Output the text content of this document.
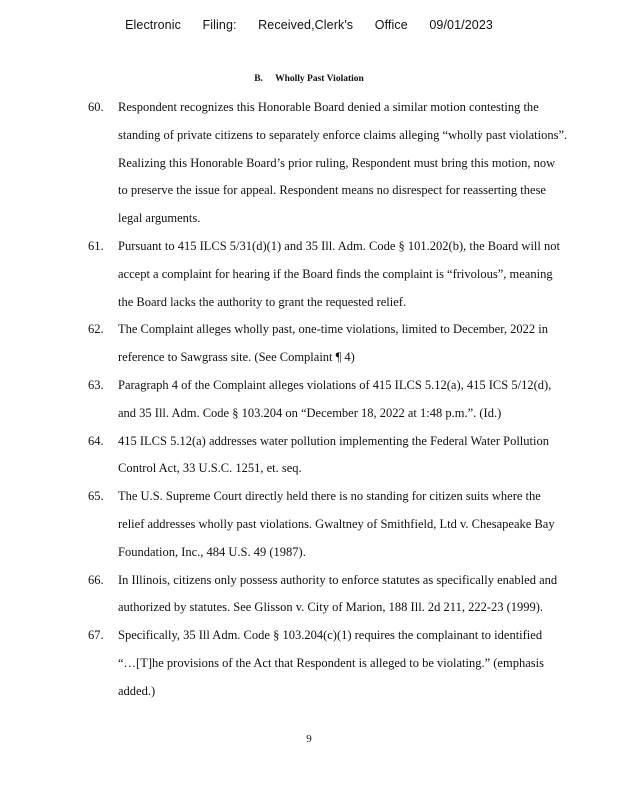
Electronic Filing: Received,Clerk's Office 09/01/2023
B. Wholly Past Violation
60. Respondent recognizes this Honorable Board denied a similar motion contesting the
standing of private citizens to separately enforce claims alleging “wholly past violations”.
Realizing this Honorable Board’s prior ruling, Respondent must bring this motion, now
to preserve the issue for appeal. Respondent means no disrespect for reasserting these
legal arguments.
61. Pursuant to 415 ILCS 5/31(d)(1) and 35 Ill. Adm. Code § 101.202(b), the Board will not
accept a complaint for hearing if the Board finds the complaint is “frivolous”, meaning
the Board lacks the authority to grant the requested relief.
62. The Complaint alleges wholly past, one-time violations, limited to December, 2022 in
reference to Sawgrass site. (See Complaint ¶ 4)
63. Paragraph 4 of the Complaint alleges violations of 415 ILCS 5.12(a), 415 ICS 5/12(d),
and 35 Ill. Adm. Code § 103.204 on “December 18, 2022 at 1:48 p.m.”. (Id.)
64. 415 ILCS 5.12(a) addresses water pollution implementing the Federal Water Pollution
Control Act, 33 U.S.C. 1251, et. seq.
65. The U.S. Supreme Court directly held there is no standing for citizen suits where the
relief addresses wholly past violations. Gwaltney of Smithfield, Ltd v. Chesapeake Bay
Foundation, Inc., 484 U.S. 49 (1987).
66. In Illinois, citizens only possess authority to enforce statutes as specifically enabled and
authorized by statutes. See Glisson v. City of Marion, 188 Ill. 2d 211, 222-23 (1999).
67. Specifically, 35 Ill Adm. Code § 103.204(c)(1) requires the complainant to identified
“…[T]he provisions of the Act that Respondent is alleged to be violating.” (emphasis
added.)
9
